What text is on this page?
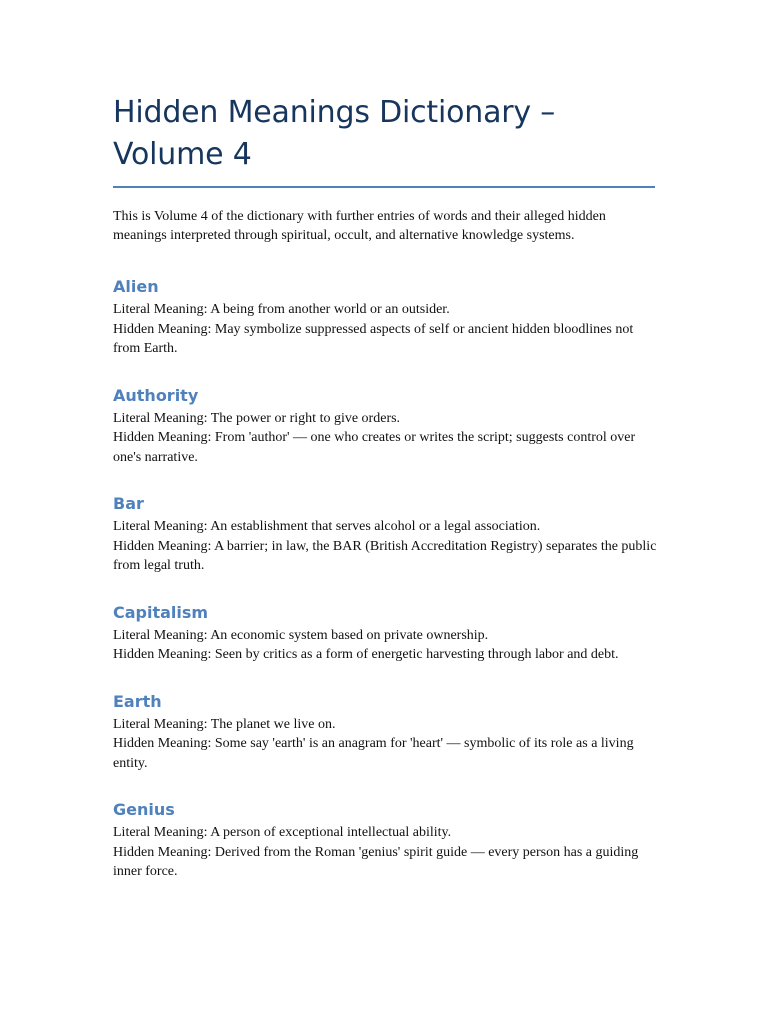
Hidden Meanings Dictionary – Volume 4

This is Volume 4 of the dictionary with further entries of words and their alleged hidden meanings interpreted through spiritual, occult, and alternative knowledge systems.

Alien

Literal Meaning: A being from another world or an outsider.

Hidden Meaning: May symbolize suppressed aspects of self or ancient hidden bloodlines not from Earth.

Authority

Literal Meaning: The power or right to give orders.

Hidden Meaning: From 'author' — one who creates or writes the script; suggests control over one's narrative.

Bar

Literal Meaning: An establishment that serves alcohol or a legal association.

Hidden Meaning: A barrier; in law, the BAR (British Accreditation Registry) separates the public from legal truth.

Capitalism

Literal Meaning: An economic system based on private ownership.

Hidden Meaning: Seen by critics as a form of energetic harvesting through labor and debt.

Earth

Literal Meaning: The planet we live on.

Hidden Meaning: Some say 'earth' is an anagram for 'heart' — symbolic of its role as a living entity.

Genius

Literal Meaning: A person of exceptional intellectual ability.

Hidden Meaning: Derived from the Roman 'genius' spirit guide — every person has a guiding inner force.
